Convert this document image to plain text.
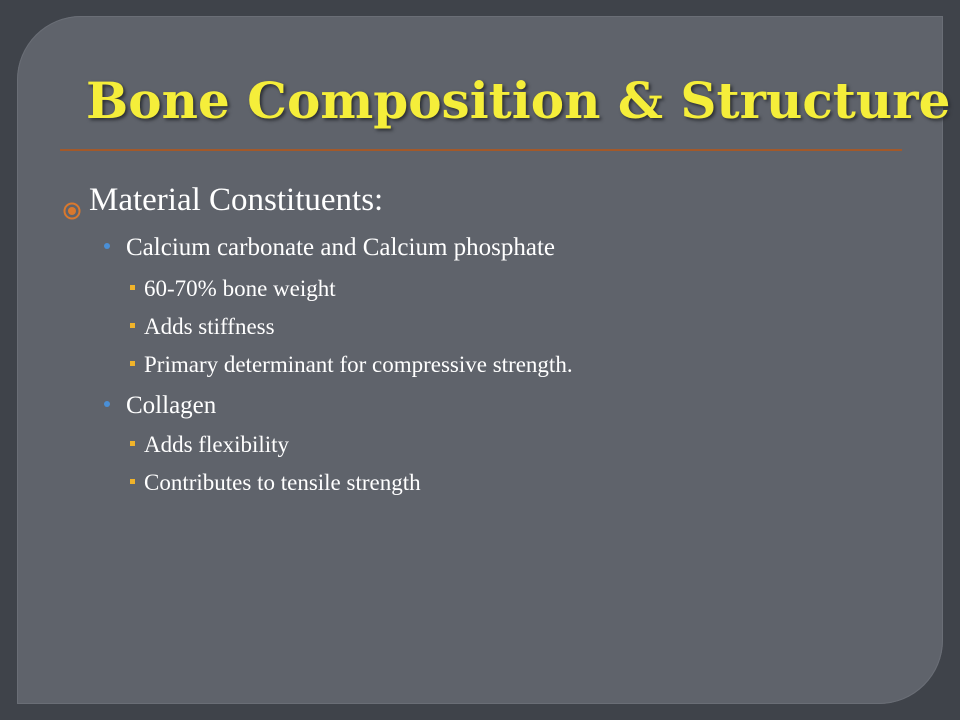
Bone Composition & Structure
Material Constituents:
Calcium carbonate and Calcium phosphate
60-70% bone weight
Adds stiffness
Primary determinant for compressive strength.
Collagen
Adds flexibility
Contributes to tensile strength
